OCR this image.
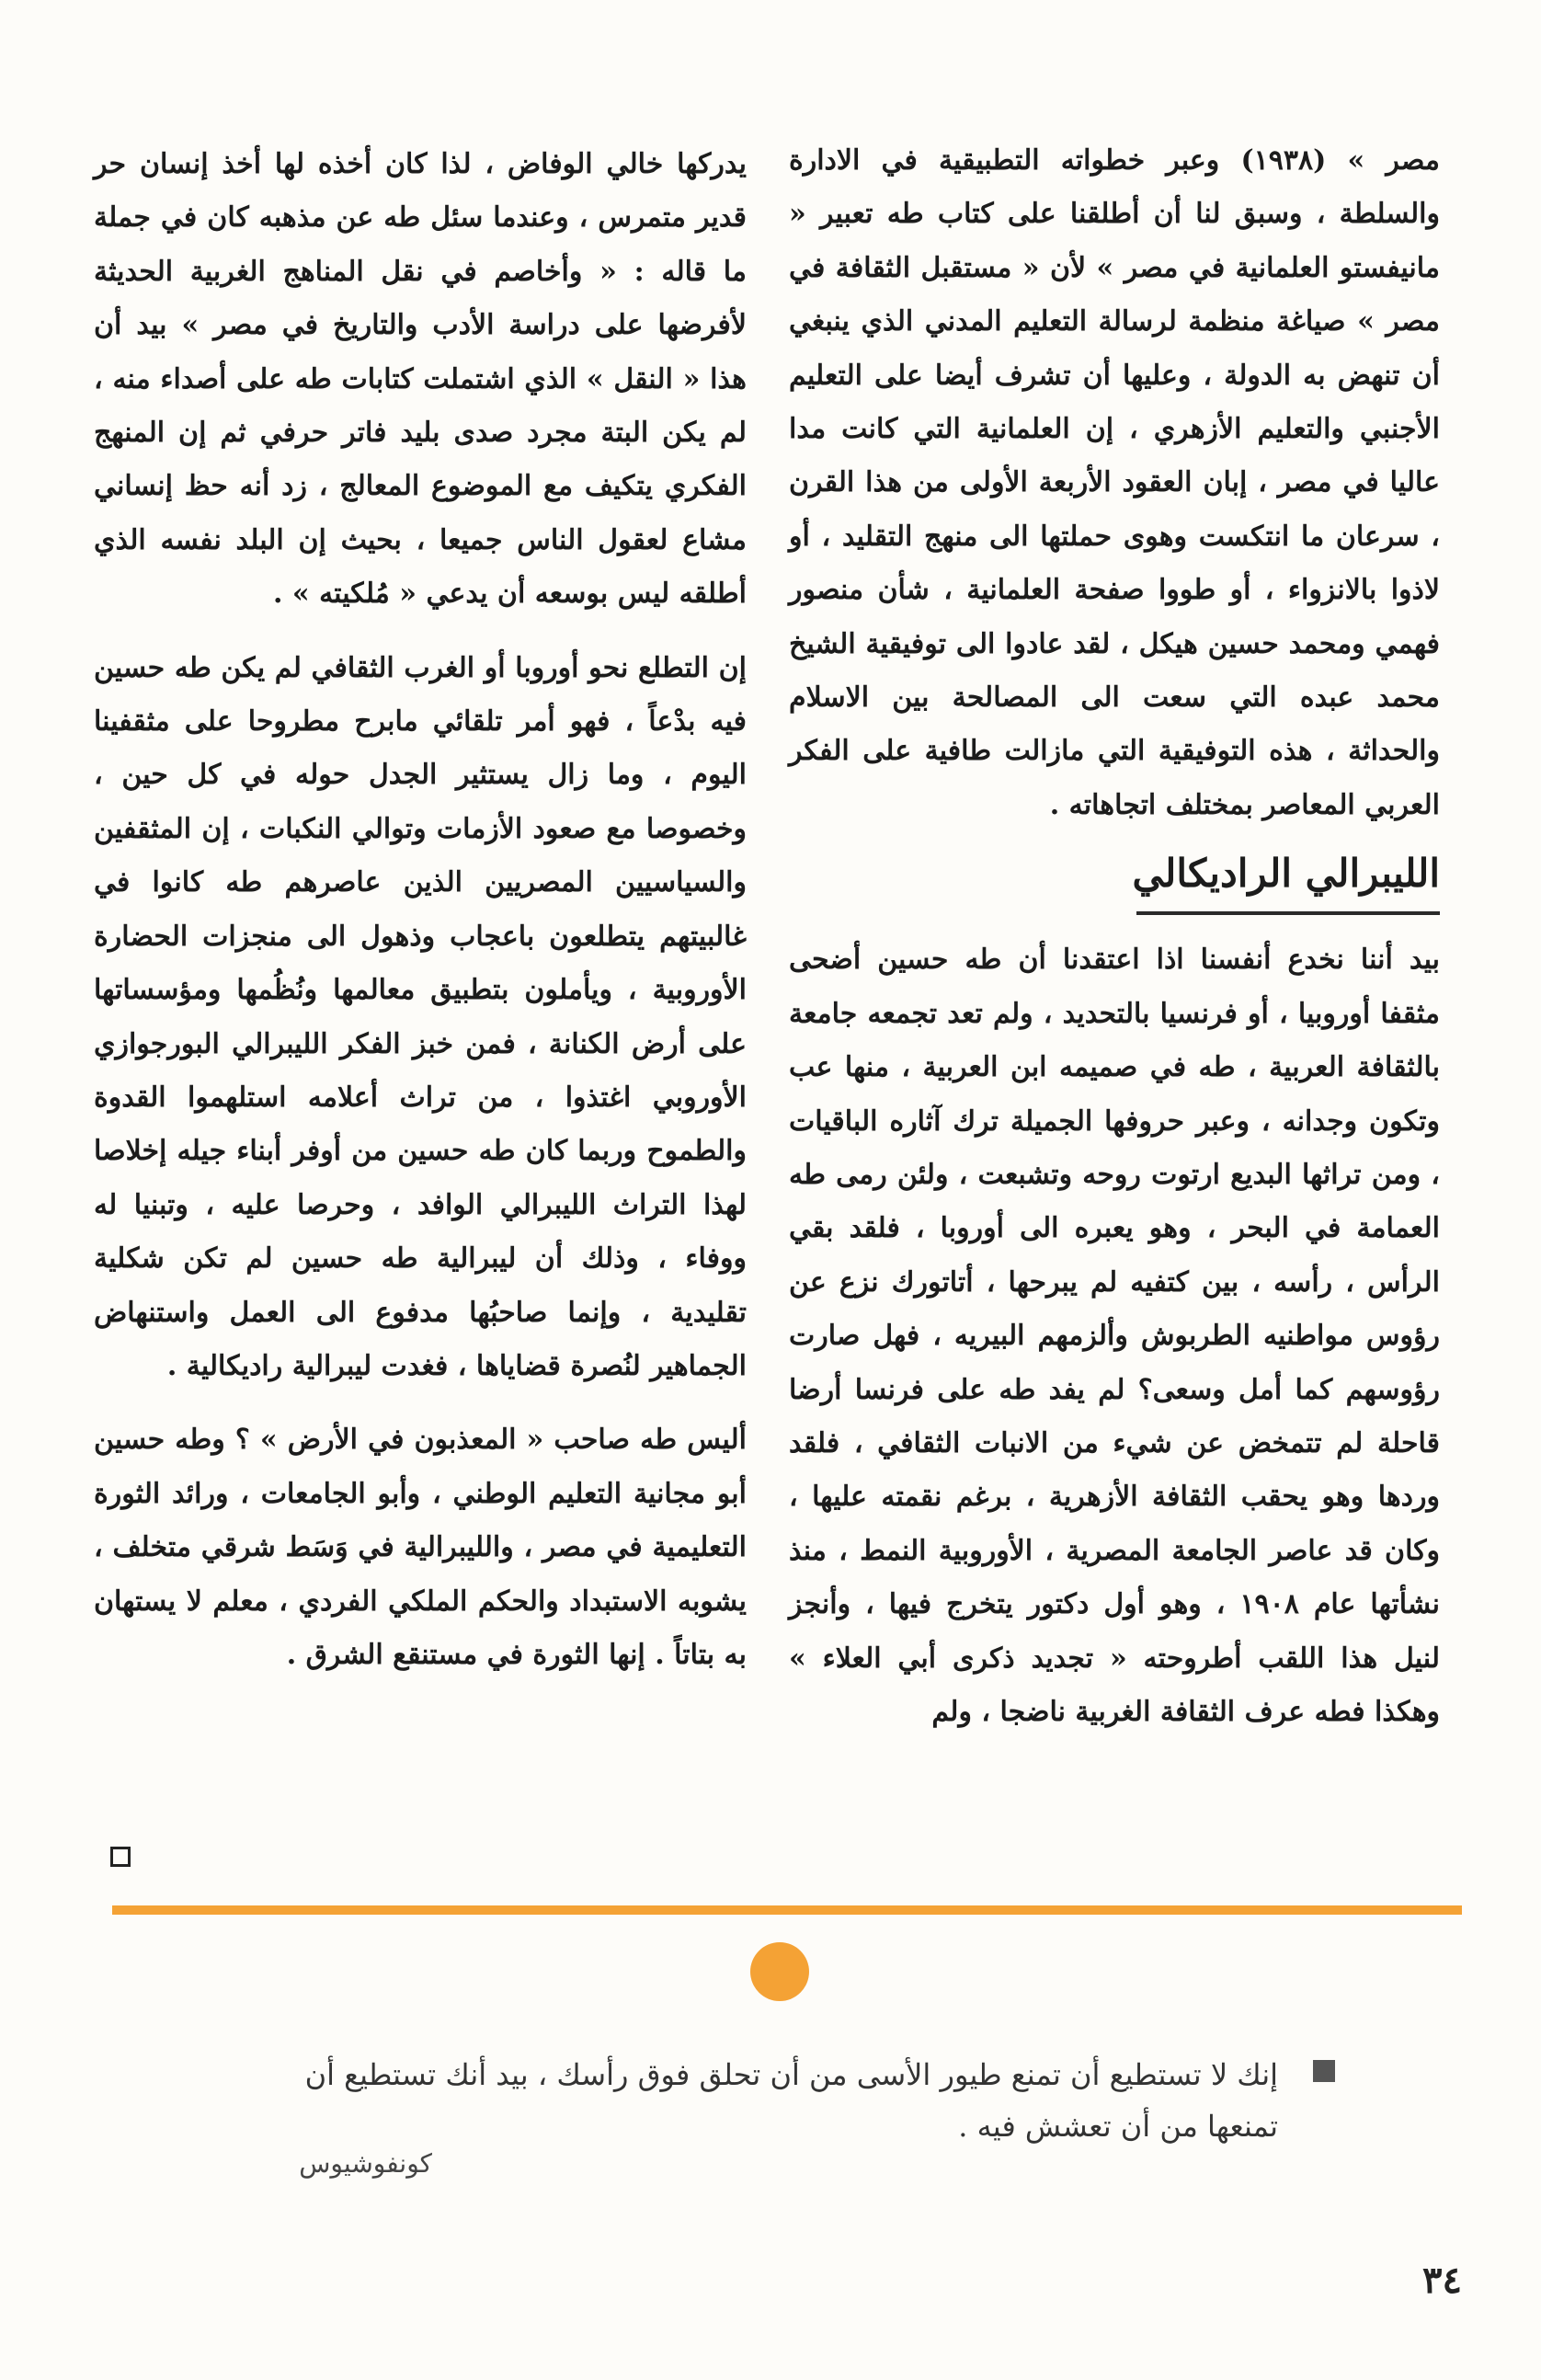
مصر » (١٩٣٨) وعبر خطواته التطبيقية في الادارة والسلطة ، وسبق لنا أن أطلقنا على كتاب طه تعبير « مانيفستو العلمانية في مصر » لأن « مستقبل الثقافة في مصر » صياغة منظمة لرسالة التعليم المدني الذي ينبغي أن تنهض به الدولة ، وعليها أن تشرف أيضا على التعليم الأجنبي والتعليم الأزهري ، إن العلمانية التي كانت مدا عاليا في مصر ، إبان العقود الأربعة الأولى من هذا القرن ، سرعان ما انتكست وهوى حملتها الى منهج التقليد ، أو لاذوا بالانزواء ، أو طووا صفحة العلمانية ، شأن منصور فهمي ومحمد حسين هيكل ، لقد عادوا الى توفيقية الشيخ محمد عبده التي سعت الى المصالحة بين الاسلام والحداثة ، هذه التوفيقية التي مازالت طافية على الفكر العربي المعاصر بمختلف اتجاهاته .

الليبرالي الراديكالي

بيد أننا نخدع أنفسنا اذا اعتقدنا أن طه حسين أضحى مثقفا أوروبيا ، أو فرنسيا بالتحديد ، ولم تعد تجمعه جامعة بالثقافة العربية ، طه في صميمه ابن العربية ، منها عب وتكون وجدانه ، وعبر حروفها الجميلة ترك آثاره الباقيات ، ومن تراثها البديع ارتوت روحه وتشبعت ، ولئن رمى طه العمامة في البحر ، وهو يعبره الى أوروبا ، فلقد بقي الرأس ، رأسه ، بين كتفيه لم يبرحها ، أتاتورك نزع عن رؤوس مواطنيه الطربوش وألزمهم البيريه ، فهل صارت رؤوسهم كما أمل وسعى؟ لم يفد طه على فرنسا أرضا قاحلة لم تتمخض عن شيء من الانبات الثقافي ، فلقد وردها وهو يحقب الثقافة الأزهرية ، برغم نقمته عليها ، وكان قد عاصر الجامعة المصرية ، الأوروبية النمط ، منذ نشأتها عام ١٩٠٨ ، وهو أول دكتور يتخرج فيها ، وأنجز لنيل هذا اللقب أطروحته « تجديد ذكرى أبي العلاء » وهكذا فطه عرف الثقافة الغربية ناضجا ، ولم

يدركها خالي الوفاض ، لذا كان أخذه لها أخذ إنسان حر قدير متمرس ، وعندما سئل طه عن مذهبه كان في جملة ما قاله : « وأخاصم في نقل المناهج الغربية الحديثة لأفرضها على دراسة الأدب والتاريخ في مصر » بيد أن هذا « النقل » الذي اشتملت كتابات طه على أصداء منه ، لم يكن البتة مجرد صدى بليد فاتر حرفي ثم إن المنهج الفكري يتكيف مع الموضوع المعالج ، زد أنه حظ إنساني مشاع لعقول الناس جميعا ، بحيث إن البلد نفسه الذي أطلقه ليس بوسعه أن يدعي « مُلكيته » .

إن التطلع نحو أوروبا أو الغرب الثقافي لم يكن طه حسين فيه بدْعاً ، فهو أمر تلقائي مابرح مطروحا على مثقفينا اليوم ، وما زال يستثير الجدل حوله في كل حين ، وخصوصا مع صعود الأزمات وتوالي النكبات ، إن المثقفين والسياسيين المصريين الذين عاصرهم طه كانوا في غالبيتهم يتطلعون باعجاب وذهول الى منجزات الحضارة الأوروبية ، ويأملون بتطبيق معالمها ونُظُمها ومؤسساتها على أرض الكنانة ، فمن خبز الفكر الليبرالي البورجوازي الأوروبي اغتذوا ، من تراث أعلامه استلهموا القدوة والطموح وربما كان طه حسين من أوفر أبناء جيله إخلاصا لهذا التراث الليبرالي الوافد ، وحرصا عليه ، وتبنيا له ووفاء ، وذلك أن ليبرالية طه حسين لم تكن شكلية تقليدية ، وإنما صاحبُها مدفوع الى العمل واستنهاض الجماهير لنُصرة قضاياها ، فغدت ليبرالية راديكالية .

أليس طه صاحب « المعذبون في الأرض » ؟ وطه حسين أبو مجانية التعليم الوطني ، وأبو الجامعات ، ورائد الثورة التعليمية في مصر ، والليبرالية في وَسَط شرقي متخلف ، يشوبه الاستبداد والحكم الملكي الفردي ، معلم لا يستهان به بتاتاً . إنها الثورة في مستنقع الشرق .

إنك لا تستطيع أن تمنع طيور الأسى من أن تحلق فوق رأسك ، بيد أنك تستطيع أن تمنعها من أن تعشش فيه .
كونفوشيوس
٣٤
